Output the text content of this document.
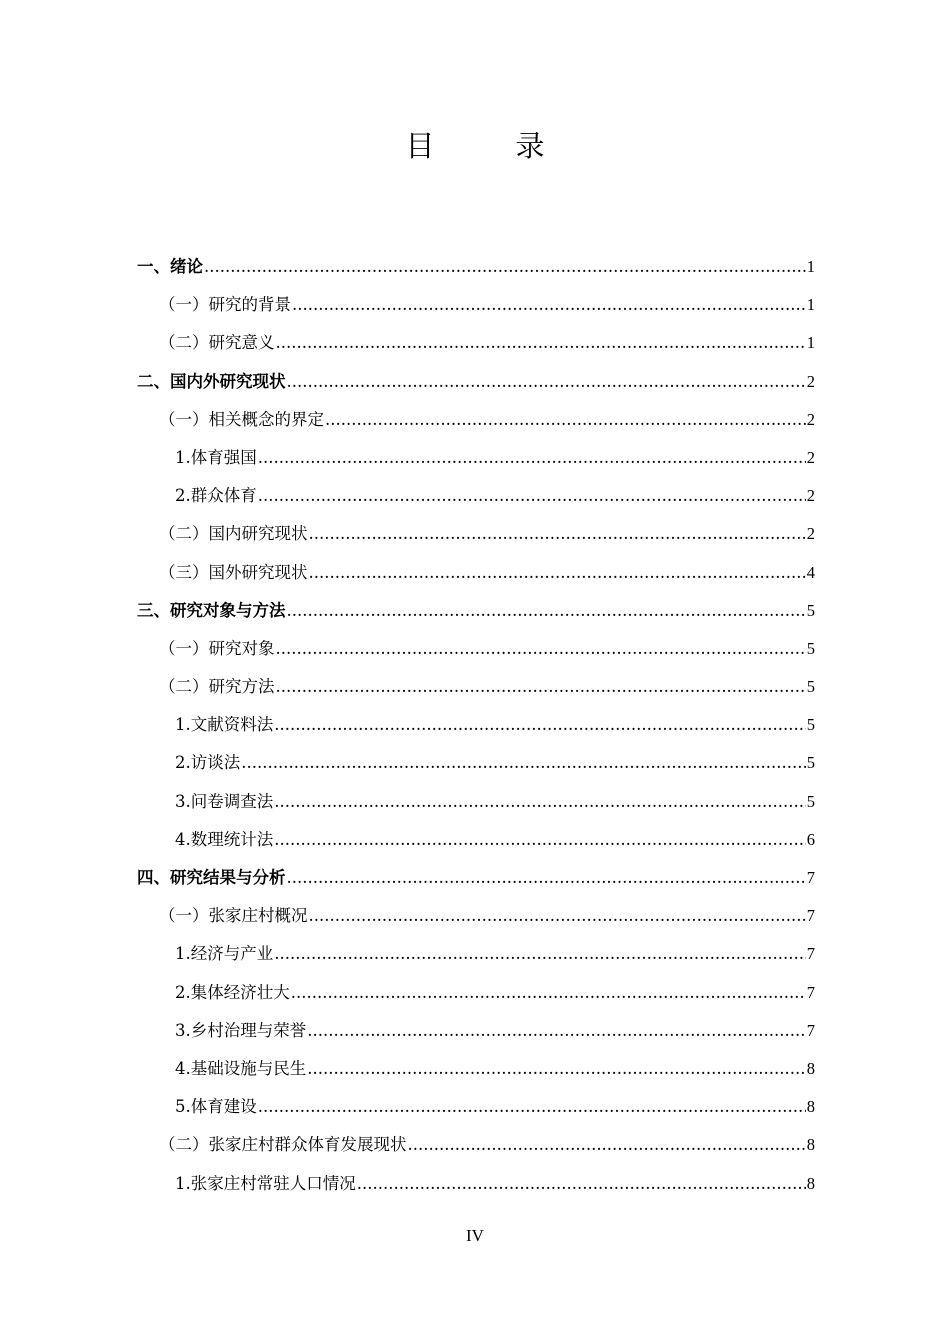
目　录
一、绪论 .....	1
（一）研究的背景 .....	1
（二）研究意义 .....	1
二、国内外研究现状 .....	2
（一）相关概念的界定 .....	2
1.体育强国 .....	2
2.群众体育 .....	2
（二）国内研究现状 .....	2
（三）国外研究现状 .....	4
三、研究对象与方法 .....	5
（一）研究对象 .....	5
（二）研究方法 .....	5
1.文献资料法 .....	5
2.访谈法 .....	5
3.问卷调查法 .....	5
4.数理统计法 .....	6
四、研究结果与分析 .....	7
（一）张家庄村概况 .....	7
1.经济与产业 .....	7
2.集体经济壮大 .....	7
3.乡村治理与荣誉 .....	7
4.基础设施与民生 .....	8
5.体育建设 .....	8
（二）张家庄村群众体育发展现状 .....	8
1.张家庄村常驻人口情况 .....	8
IV
